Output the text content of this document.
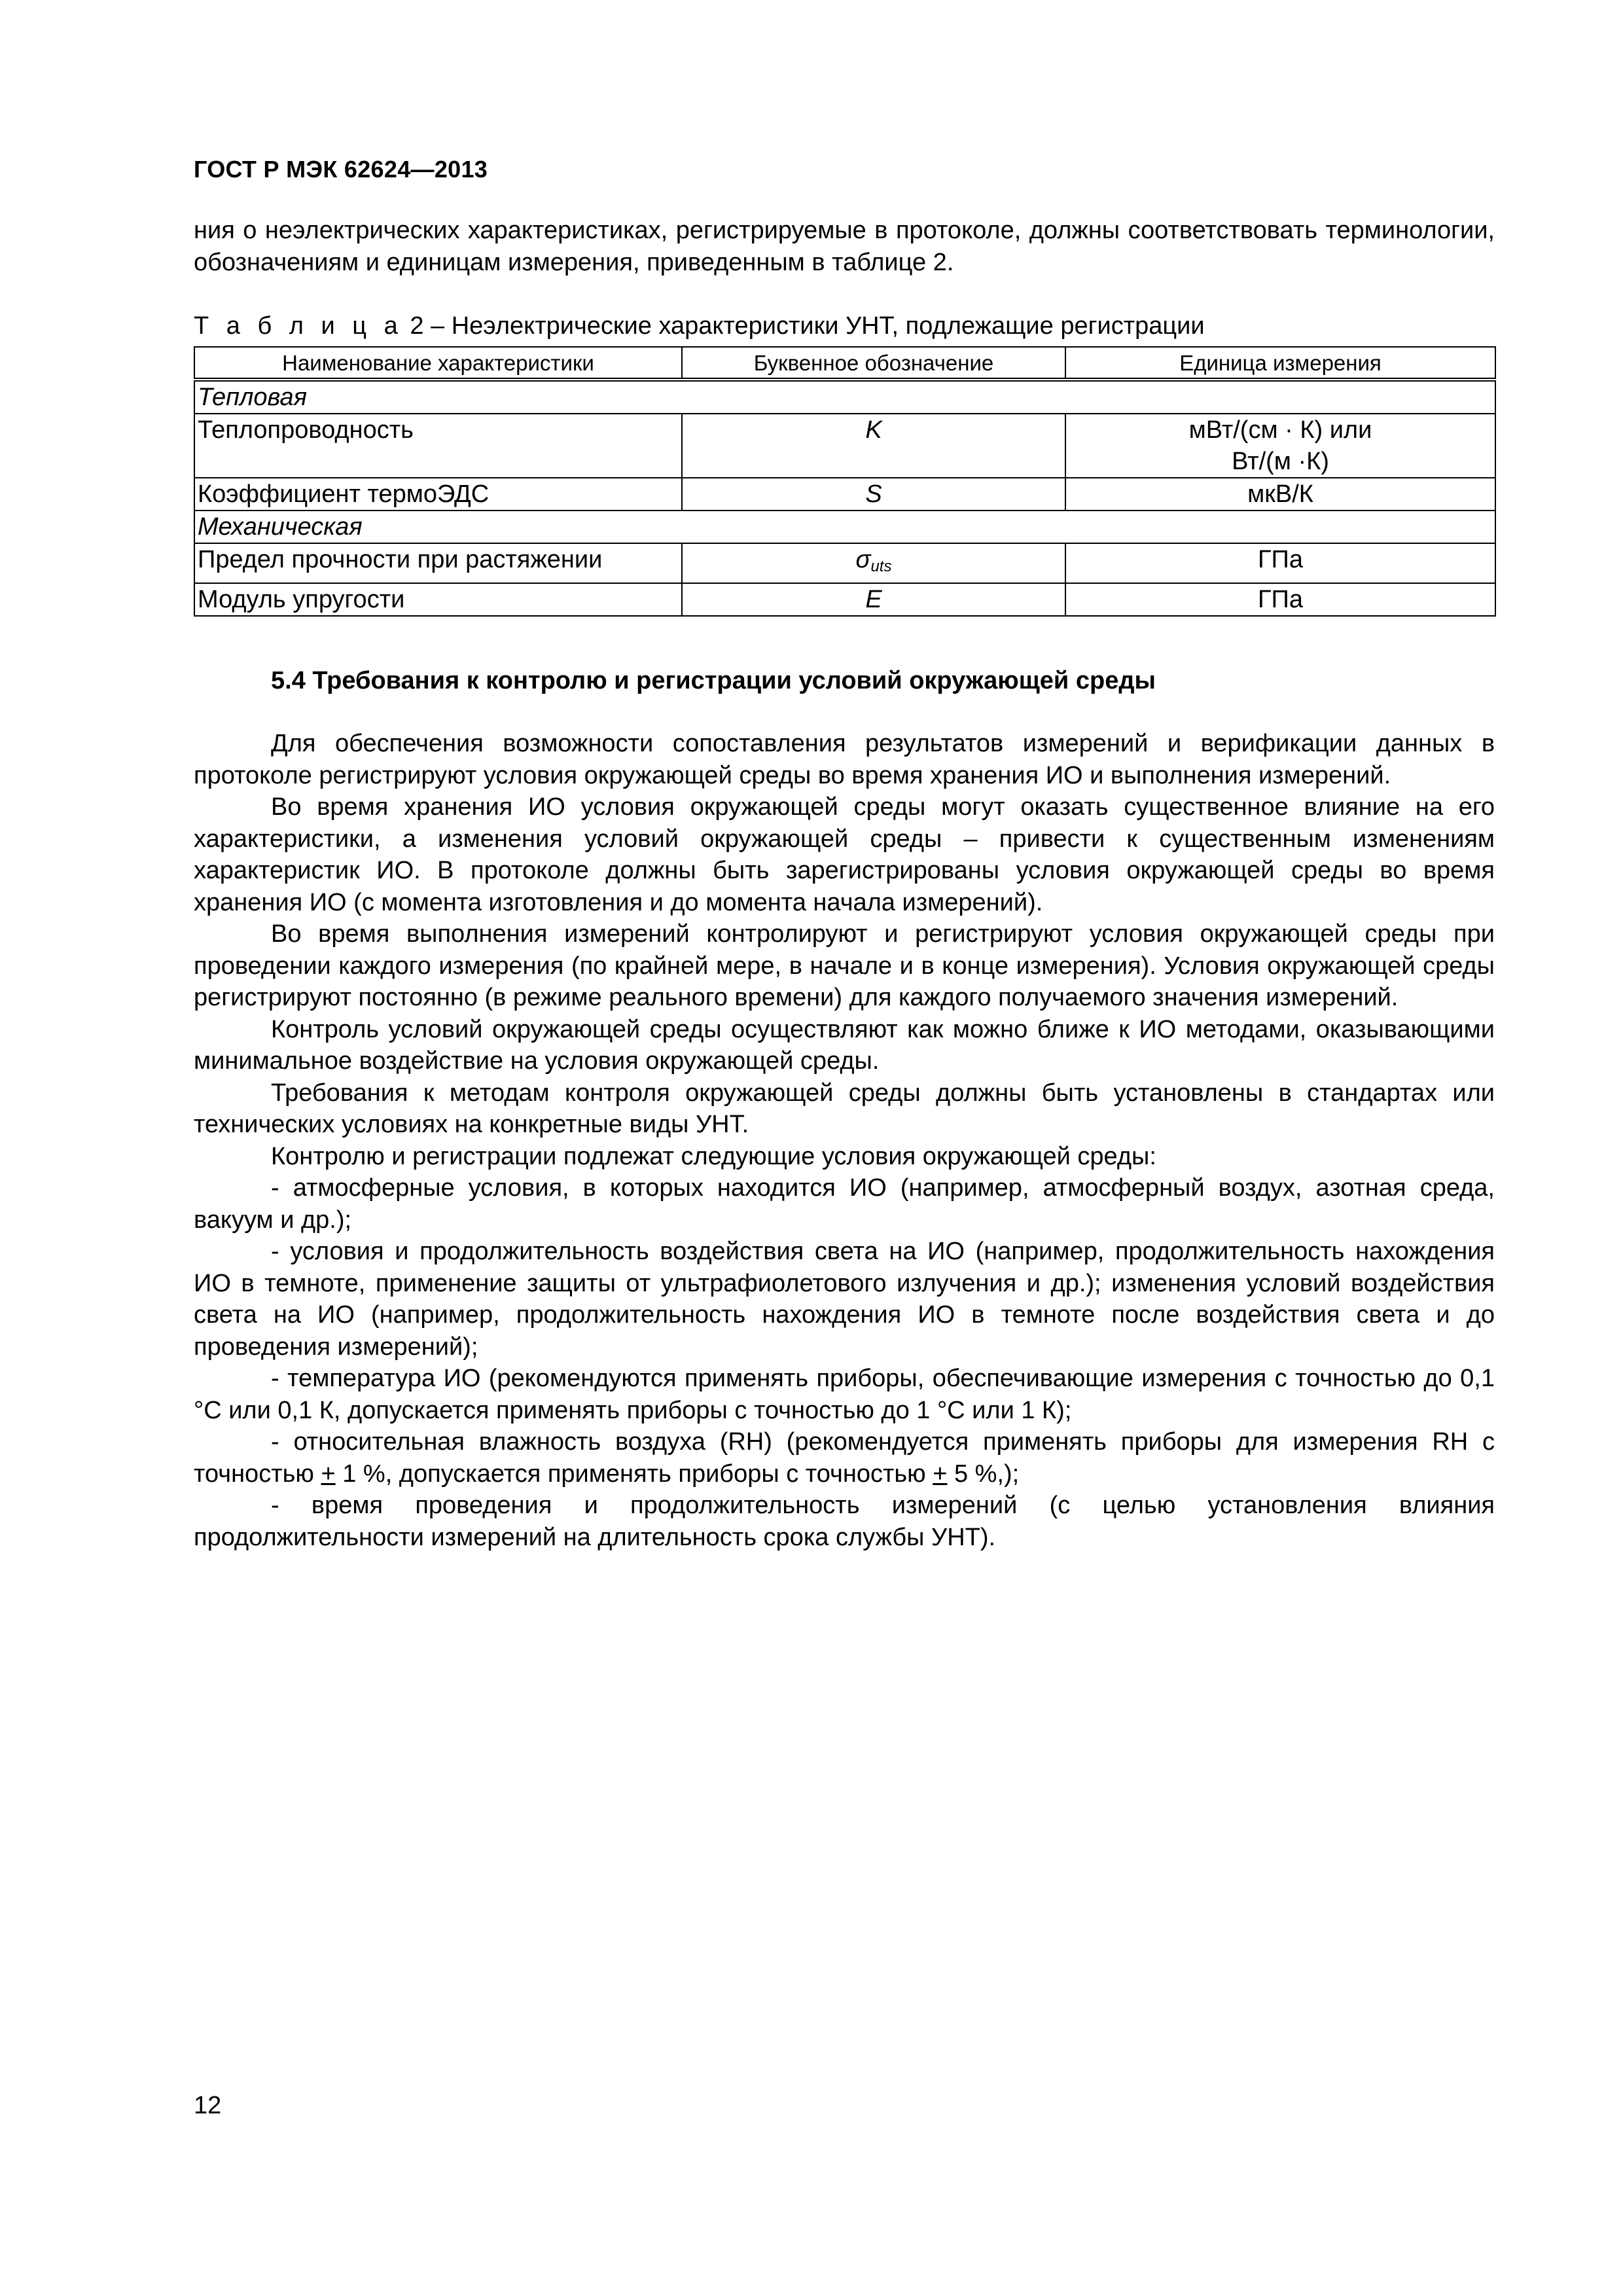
ГОСТ Р МЭК 62624—2013

ния о неэлектрических характеристиках, регистрируемые в протоколе, должны соответствовать терминологии, обозначениям и единицам измерения, приведенным в таблице 2.

Т а б л и ц а 2 – Неэлектрические характеристики УНТ, подлежащие регистрации
Наименование характеристики	Буквенное обозначение	Единица измерения
Тепловая		
Теплопроводность	K	мВт/(см · К) или
Вт/(м ·К)

Коэффициент термоЭДС	S	мкВ/К
Механическая		
Предел прочности при растяжении	$\sigma_{uts}$	ГПа
Модуль упругости	E	ГПа
5.4 Требования к контролю и регистрации условий окружающей среды

Для обеспечения возможности сопоставления результатов измерений и верификации данных в протоколе регистрируют условия окружающей среды во время хранения ИО и выполнения измерений.

Во время хранения ИО условия окружающей среды могут оказать существенное влияние на его характеристики, а изменения условий окружающей среды – привести к существенным изменениям характеристик ИО. В протоколе должны быть зарегистрированы условия окружающей среды во время хранения ИО (с момента изготовления и до момента начала измерений).

Во время выполнения измерений контролируют и регистрируют условия окружающей среды при проведении каждого измерения (по крайней мере, в начале и в конце измерения). Условия окружающей среды регистрируют постоянно (в режиме реального времени) для каждого получаемого значения измерений.

Контроль условий окружающей среды осуществляют как можно ближе к ИО методами, оказывающими минимальное воздействие на условия окружающей среды.

Требования к методам контроля окружающей среды должны быть установлены в стандартах или технических условиях на конкретные виды УНТ.

Контролю и регистрации подлежат следующие условия окружающей среды:

- атмосферные условия, в которых находится ИО (например, атмосферный воздух, азотная среда, вакуум и др.);

- условия и продолжительность воздействия света на ИО (например, продолжительность нахождения ИО в темноте, применение защиты от ультрафиолетового излучения и др.); изменения условий воздействия света на ИО (например, продолжительность нахождения ИО в темноте после воздействия света и до проведения измерений);

- температура ИО (рекомендуются применять приборы, обеспечивающие измерения с точностью до 0,1 °С или 0,1 К, допускается применять приборы с точностью до 1 °С или 1 К);

- относительная влажность воздуха (RH) (рекомендуется применять приборы для измерения RH с точностью + 1 %, допускается применять приборы с точностью + 5 %,);

- время проведения и продолжительность измерений (с целью установления влияния продолжительности измерений на длительность срока службы УНТ).

12
